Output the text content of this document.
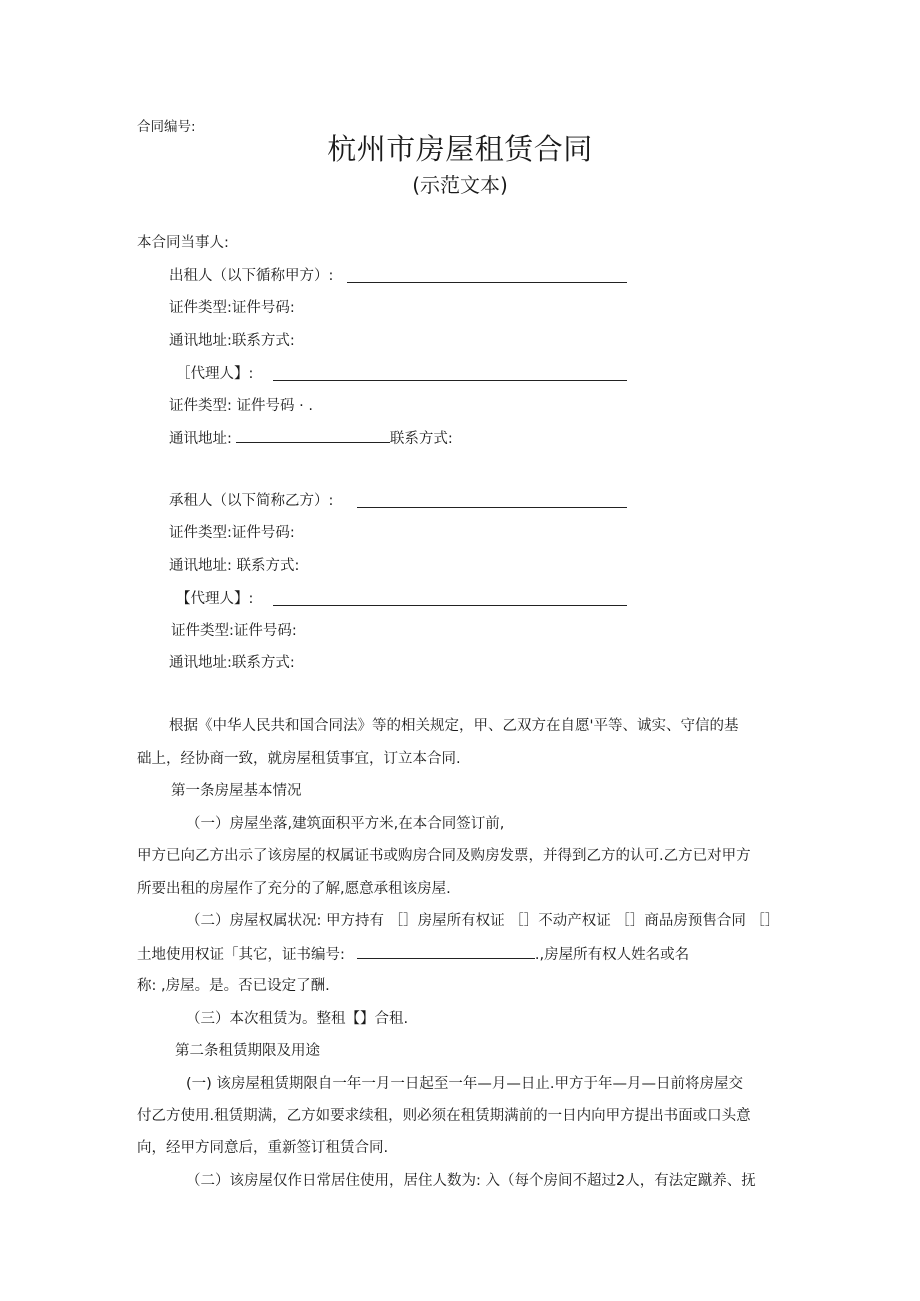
合同编号:
杭州市房屋租赁合同
(示范文本)
本合同当事人:
出租人（以下循称甲方）:
证件类型:证件号码:
通讯地址:联系方式:
［代理人】:
证件类型: 证件号码 · .
通讯地址:	联系方式:
承租人（以下简称乙方）:
证件类型:证件号码:
通讯地址: 联系方式:
【代理人】:
证件类型:证件号码:
通讯地址:联系方式:
根据《中华人民共和国合同法》等的相关规定，甲、乙双方在自愿'平等、诚实、守信的基
础上，经协商一致，就房屋租赁事宜，订立本合同.
第一条房屋基本情况
（一）房屋坐落,建筑面积平方米,在本合同签订前,
甲方已向乙方出示了该房屋的权属证书或购房合同及购房发票，并得到乙方的认可.乙方已对甲方
所要出租的房屋作了充分的了解,愿意承租该房屋.
（二）房屋权属状况: 甲方持有 ［］房屋所有权证 ［］不动产权证 ［］商品房预售合同 ［］
土地使用权证「其它，证书编号:	.,房屋所有权人姓名或名
称: ,房屋。是。否已设定了酬.
（三）本次租赁为。整租【】合租.
第二条租赁期限及用途
(一) 该房屋租赁期限自一年一月一日起至一年—月—日止.甲方于年—月—日前将房屋交
付乙方使用.租赁期满，乙方如要求续租，则必须在租赁期满前的一日内向甲方提出书面或口头意
向，经甲方同意后，重新签订租赁合同.
（二）该房屋仅作日常居住使用，居住人数为: 入（每个房间不超过2人，有法定蹴养、抚
